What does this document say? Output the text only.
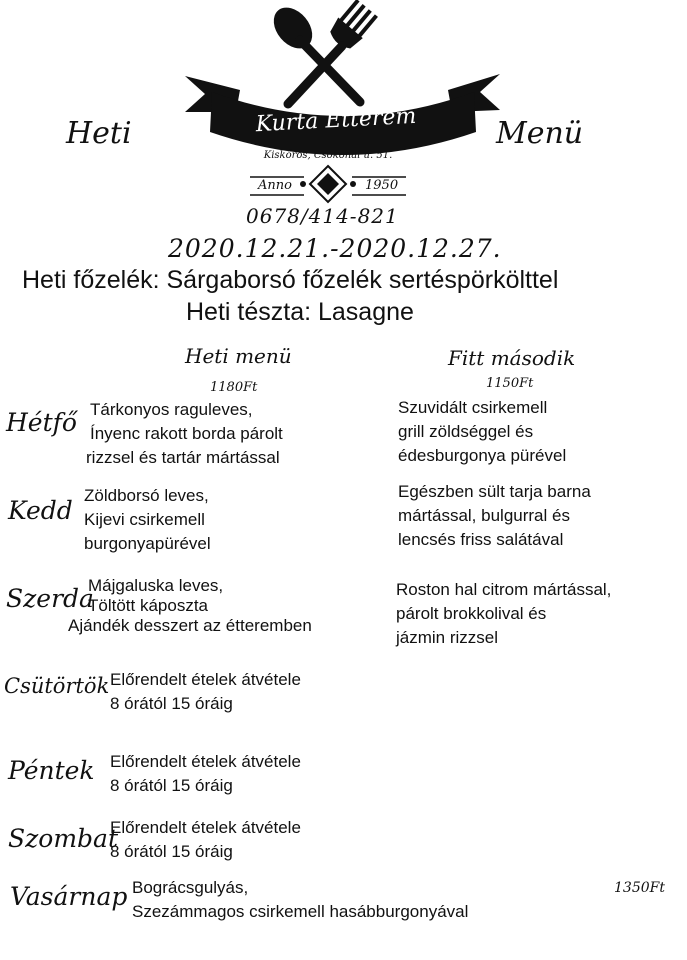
Kurta Étterem
Kiskőrös, Csokonai u. 51.
Anno	1950
0678/414-821
Heti	Menü
2020.12.21.-2020.12.27.
Heti főzelék: Sárgaborsó főzelék sertéspörkölttel
Heti tészta: Lasagne
Heti menü
1180Ft
Fitt második
1150Ft
Hétfő Tárkonyos raguleves,
Ínyenc rakott borda párolt
rizzsel és tartár mártással
Szuvidált csirkemell
grill zöldséggel és
édesburgonya pürével
Kedd
Zöldborsó leves,
Kijevi csirkemell
burgonyapürével
Egészben sült tarja barna
mártással, bulgurral és
lencsés friss salátával
Szerda
Májgaluska leves,
Töltött káposzta
Ajándék desszert az étteremben
Roston hal citrom mártással,
párolt brokkolival és
jázmin rizzsel
Csütörtök Előrendelt ételek átvétele
8 órától 15 óráig
Péntek Előrendelt ételek átvétele
8 órától 15 óráig
Szombat
Előrendelt ételek átvétele
8 órától 15 óráig
Vasárnap Bográcsgulyás,
Szezámmagos csirkemell hasábburgonyával
1350Ft
